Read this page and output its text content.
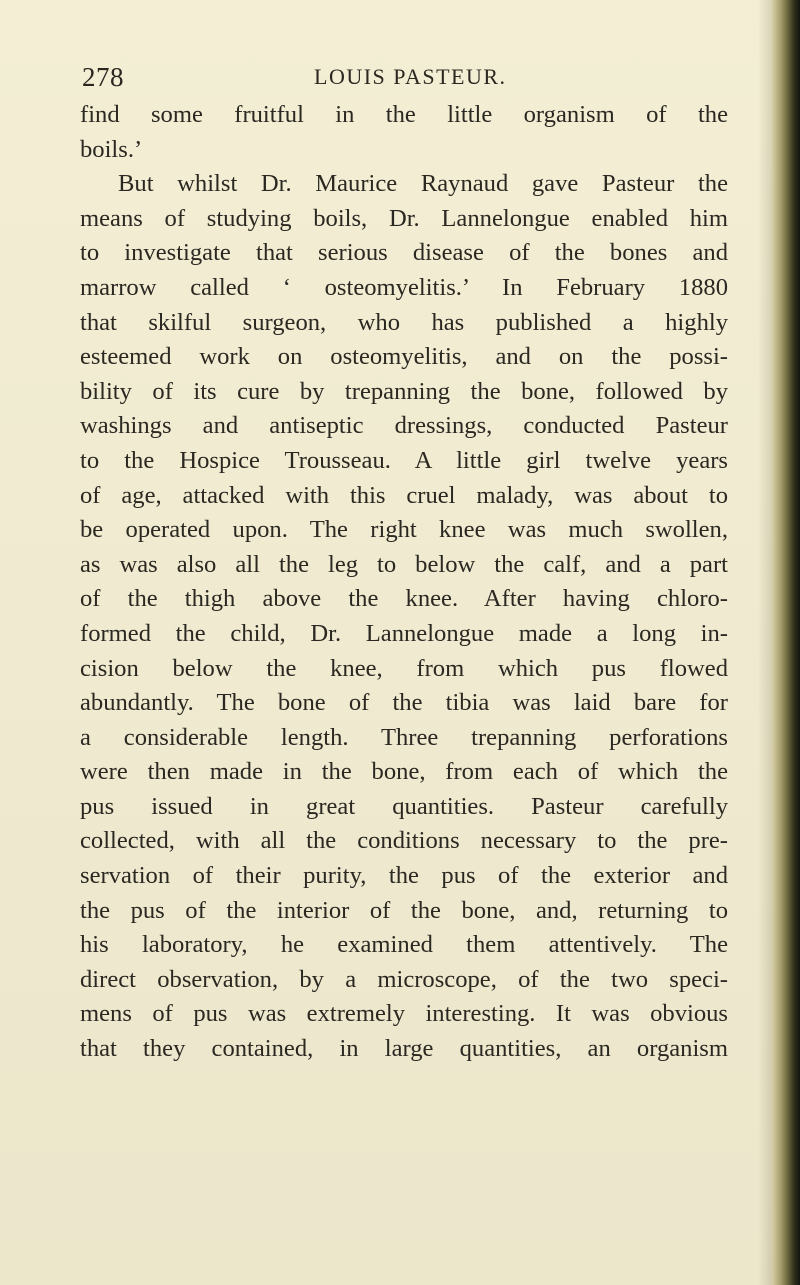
278	LOUIS PASTEUR.
find some fruitful in the little organism of the
boils.’
But whilst Dr. Maurice Raynaud gave Pasteur the
means of studying boils, Dr. Lannelongue enabled him
to investigate that serious disease of the bones and
marrow called ‘ osteomyelitis.’ In February 1880
that skilful surgeon, who has published a highly
esteemed work on osteomyelitis, and on the possi-
bility of its cure by trepanning the bone, followed by
washings and antiseptic dressings, conducted Pasteur
to the Hospice Trousseau. A little girl twelve years
of age, attacked with this cruel malady, was about to
be operated upon. The right knee was much swollen,
as was also all the leg to below the calf, and a part
of the thigh above the knee. After having chloro-
formed the child, Dr. Lannelongue made a long in-
cision below the knee, from which pus flowed
abundantly. The bone of the tibia was laid bare for
a considerable length. Three trepanning perforations
were then made in the bone, from each of which the
pus issued in great quantities. Pasteur carefully
collected, with all the conditions necessary to the pre-
servation of their purity, the pus of the exterior and
the pus of the interior of the bone, and, returning to
his laboratory, he examined them attentively. The
direct observation, by a microscope, of the two speci-
mens of pus was extremely interesting. It was obvious
that they contained, in large quantities, an organism
